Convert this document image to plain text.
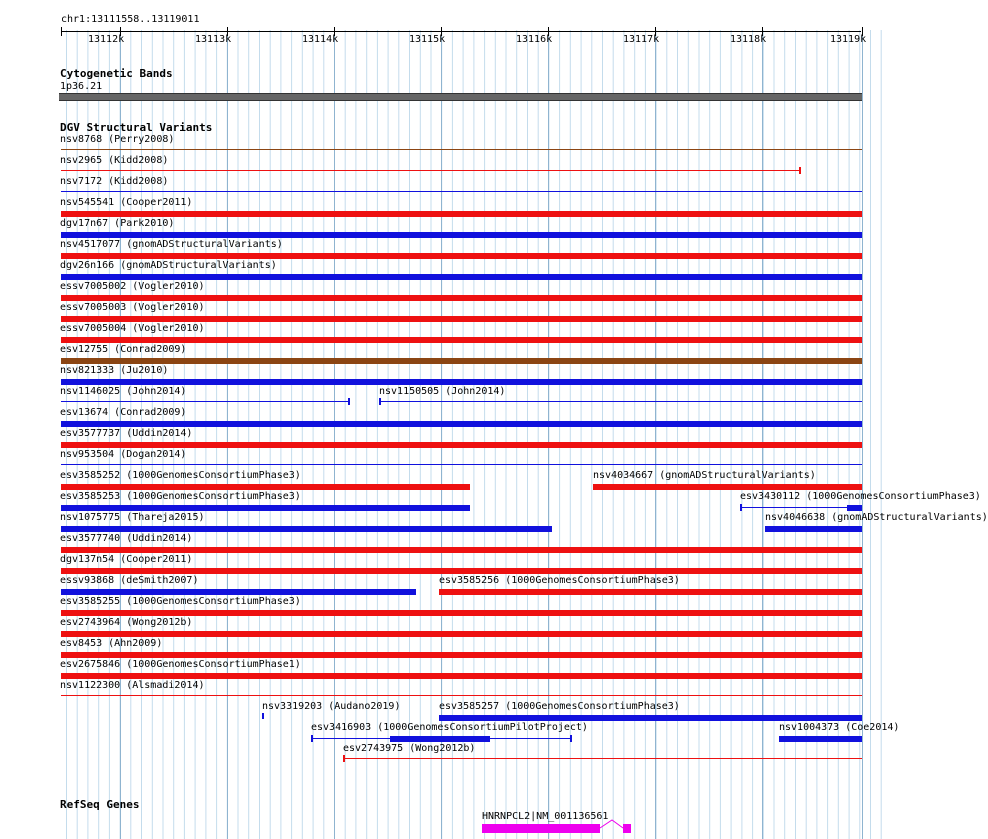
chr1:13111558..13119011
13112k	13113k	13114k	13115k	13116k	13117k	13118k	13119k
Cytogenetic Bands
1p36.21
DGV Structural Variants
nsv8768 (Perry2008)
nsv2965 (Kidd2008)
nsv7172 (Kidd2008)
nsv545541 (Cooper2011)
dgv17n67 (Park2010)
nsv4517077 (gnomADStructuralVariants)
dgv26n166 (gnomADStructuralVariants)
essv7005002 (Vogler2010)
essv7005003 (Vogler2010)
essv7005004 (Vogler2010)
esv12755 (Conrad2009)
nsv821333 (Ju2010)
nsv1146025 (John2014)	nsv1150505 (John2014)
esv13674 (Conrad2009)
esv3577737 (Uddin2014)
nsv953504 (Dogan2014)
esv3585252 (1000GenomesConsortiumPhase3)	nsv4034667 (gnomADStructuralVariants)
esv3585253 (1000GenomesConsortiumPhase3)	esv3430112 (1000GenomesConsortiumPhase3)
nsv1075775 (Thareja2015)	nsv4046638 (gnomADStructuralVariants)
esv3577740 (Uddin2014)
dgv137n54 (Cooper2011)
essv93868 (deSmith2007)	esv3585256 (1000GenomesConsortiumPhase3)
esv3585255 (1000GenomesConsortiumPhase3)
esv2743964 (Wong2012b)
esv8453 (Ahn2009)
esv2675846 (1000GenomesConsortiumPhase1)
nsv1122300 (Alsmadi2014)
nsv3319203 (Audano2019)	esv3585257 (1000GenomesConsortiumPhase3)
esv3416903 (1000GenomesConsortiumPilotProject)	nsv1004373 (Coe2014)
esv2743975 (Wong2012b)
RefSeq Genes
HNRNPCL2|NM_001136561
